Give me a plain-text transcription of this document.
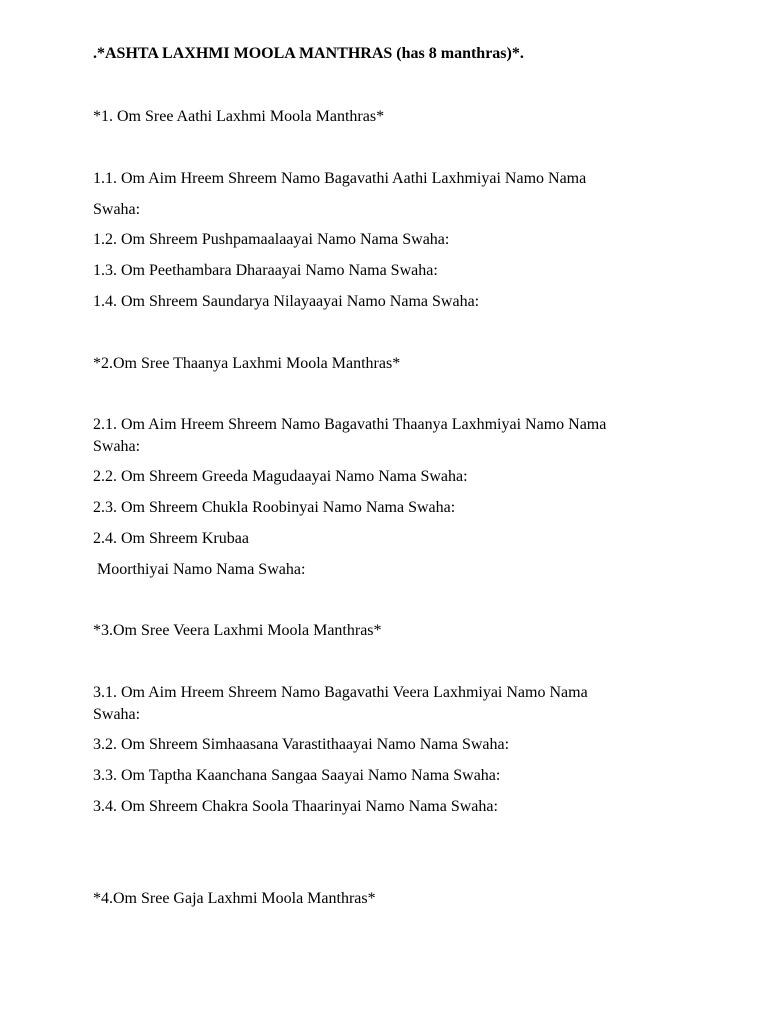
.*ASHTA LAXHMI MOOLA MANTHRAS (has 8 manthras)*.
*1. Om Sree Aathi Laxhmi Moola Manthras*
1.1. Om Aim Hreem Shreem Namo Bagavathi Aathi Laxhmiyai Namo Nama
Swaha:
1.2. Om Shreem Pushpamaalaayai Namo Nama Swaha:
1.3. Om Peethambara Dharaayai Namo Nama Swaha:
1.4. Om Shreem Saundarya Nilayaayai Namo Nama Swaha:
*2.Om Sree Thaanya Laxhmi Moola Manthras*
2.1. Om Aim Hreem Shreem Namo Bagavathi Thaanya Laxhmiyai Namo Nama
Swaha:
2.2. Om Shreem Greeda Magudaayai Namo Nama Swaha:
2.3. Om Shreem Chukla Roobinyai Namo Nama Swaha:
2.4. Om Shreem Krubaa
Moorthiyai Namo Nama Swaha:
*3.Om Sree Veera Laxhmi Moola Manthras*
3.1. Om Aim Hreem Shreem Namo Bagavathi Veera Laxhmiyai Namo Nama
Swaha:
3.2. Om Shreem Simhaasana Varastithaayai Namo Nama Swaha:
3.3. Om Taptha Kaanchana Sangaa Saayai Namo Nama Swaha:
3.4. Om Shreem Chakra Soola Thaarinyai Namo Nama Swaha:
*4.Om Sree Gaja Laxhmi Moola Manthras*
